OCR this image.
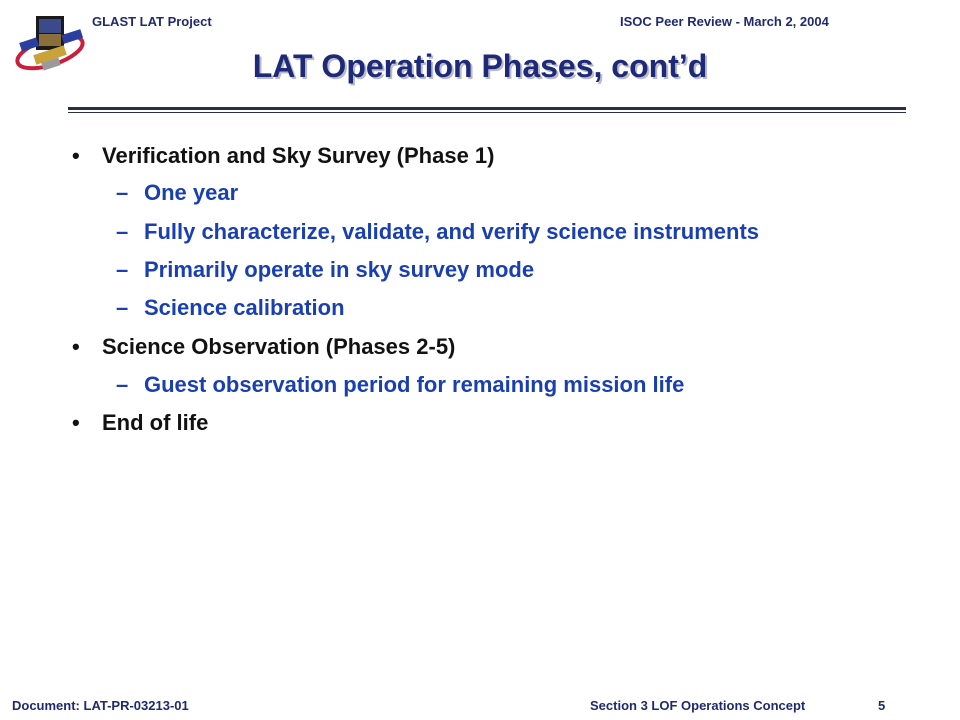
GLAST LAT Project	ISOC Peer Review - March 2, 2004
LAT Operation Phases, cont’d
• Verification and Sky Survey (Phase 1)
– One year
– Fully characterize, validate, and verify science instruments
– Primarily operate in sky survey mode
– Science calibration
• Science Observation (Phases 2-5)
– Guest observation period for remaining mission life
• End of life
Document: LAT-PR-03213-01	Section 3 LOF Operations Concept	5
